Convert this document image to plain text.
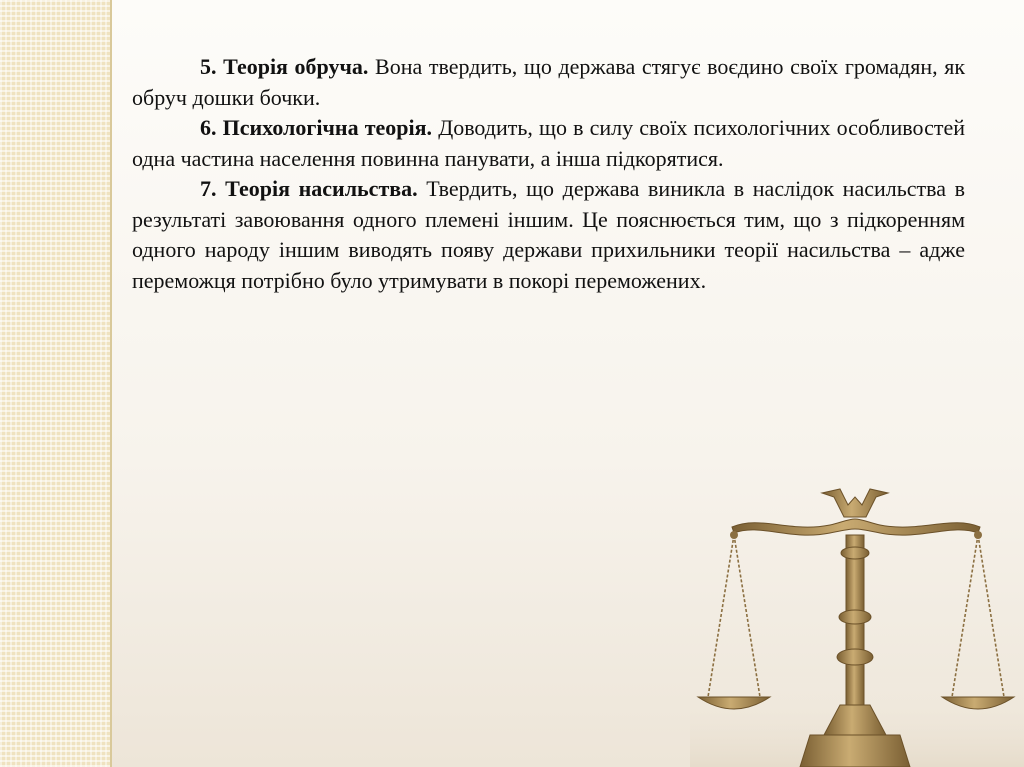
5. Теорія обруча. Вона твердить, що держава стягує воєдино своїх громадян, як обруч дошки бочки.

6. Психологічна теорія. Доводить, що в силу своїх психологічних особливостей одна частина населення повинна панувати, а інша підкорятися.

7. Теорія насильства. Твердить, що держава виникла в наслідок насильства в результаті завоювання одного племені іншим. Це пояснюється тим, що з підкоренням одного народу іншим виводять появу держави прихильники теорії насильства – адже переможця потрібно було утримувати в покорі переможених.
